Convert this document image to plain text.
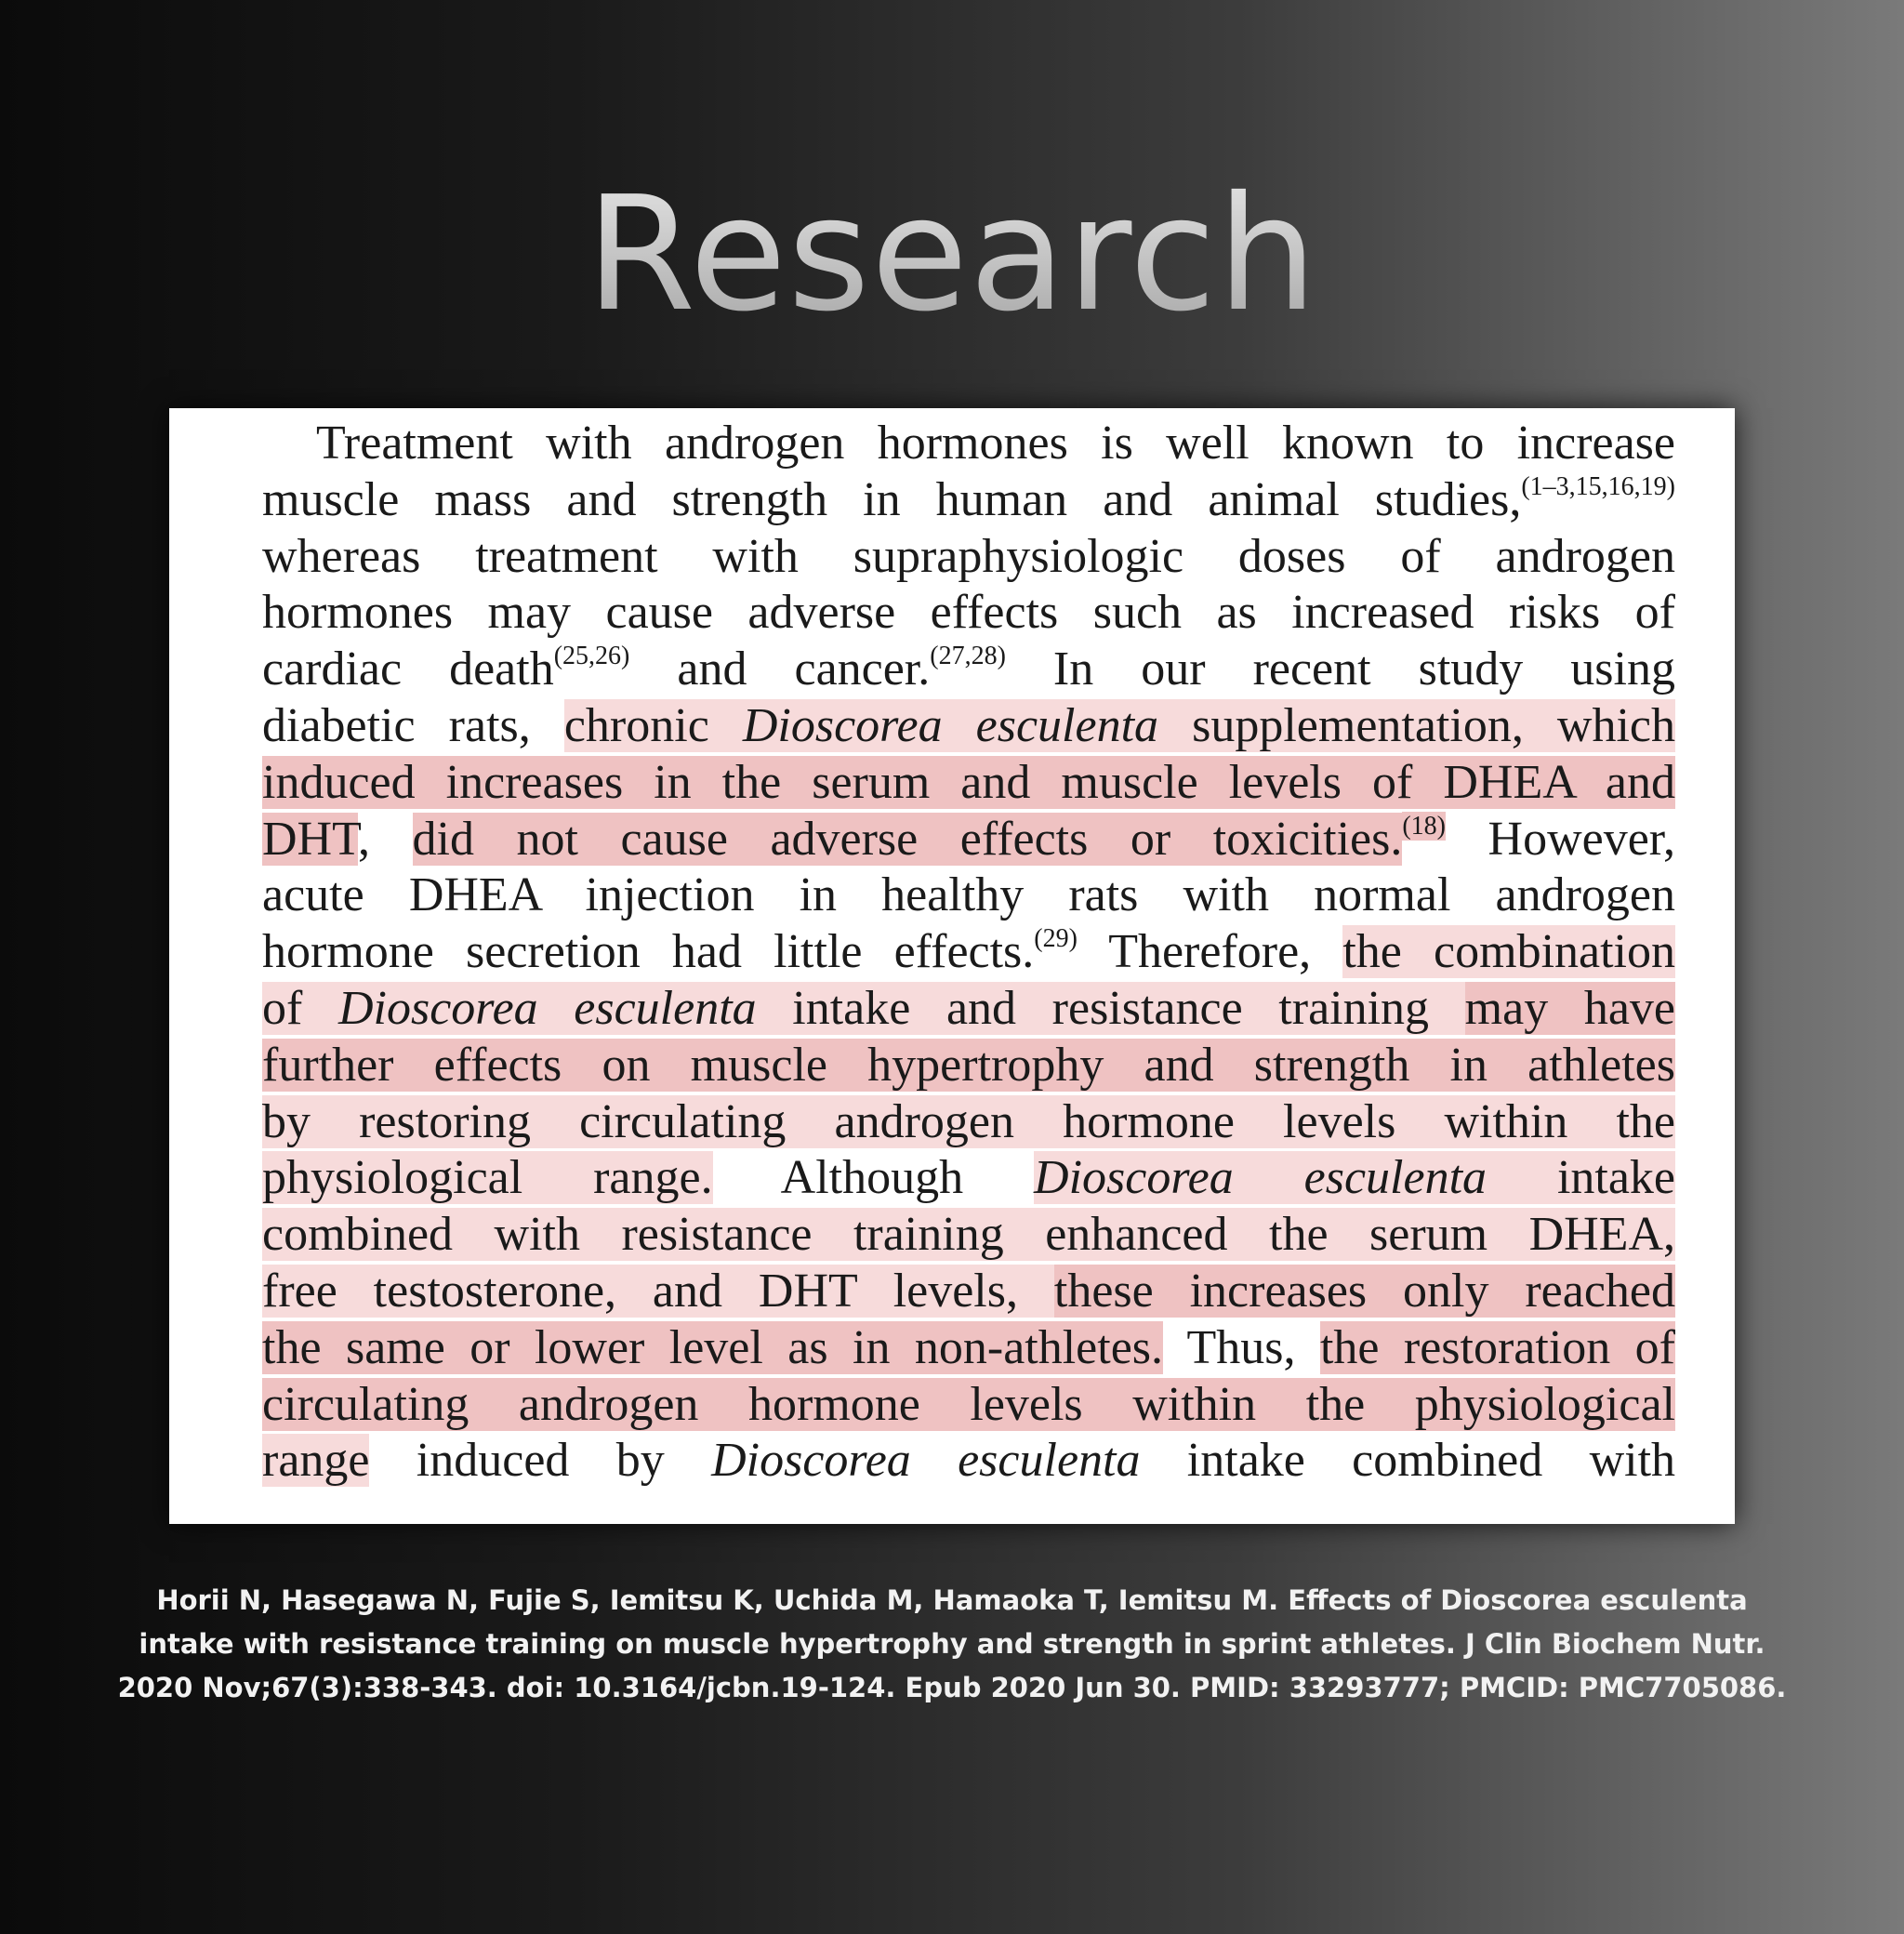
Research
Treatment with androgen hormones is well known to increase
muscle mass and strength in human and animal studies,$^{(1-3,15,16,19)}$
whereas treatment with supraphysiologic doses of androgen
hormones may cause adverse effects such as increased risks of
cardiac death$^{(25,26)}$ and cancer.$^{(27,28)}$ In our recent study using
diabetic rats, chronic Dioscorea esculenta supplementation, which
induced increases in the serum and muscle levels of DHEA and
DHT, did not cause adverse effects or toxicities.$^{(18)}$ However,
acute DHEA injection in healthy rats with normal androgen
hormone secretion had little effects.$^{(29)}$ Therefore, the combination
of Dioscorea esculenta intake and resistance training may have
further effects on muscle hypertrophy and strength in athletes
by restoring circulating androgen hormone levels within the
physiological range. Although Dioscorea esculenta intake
combined with resistance training enhanced the serum DHEA,
free testosterone, and DHT levels, these increases only reached
the same or lower level as in non-athletes. Thus, the restoration of
circulating androgen hormone levels within the physiological
range induced by Dioscorea esculenta intake combined with
Horii N, Hasegawa N, Fujie S, Iemitsu K, Uchida M, Hamaoka T, Iemitsu M. Effects of Dioscorea esculenta intake with resistance training on muscle hypertrophy and strength in sprint athletes. J Clin Biochem Nutr. 2020 Nov;67(3):338-343. doi: 10.3164/jcbn.19-124. Epub 2020 Jun 30. PMID: 33293777; PMCID: PMC7705086.
